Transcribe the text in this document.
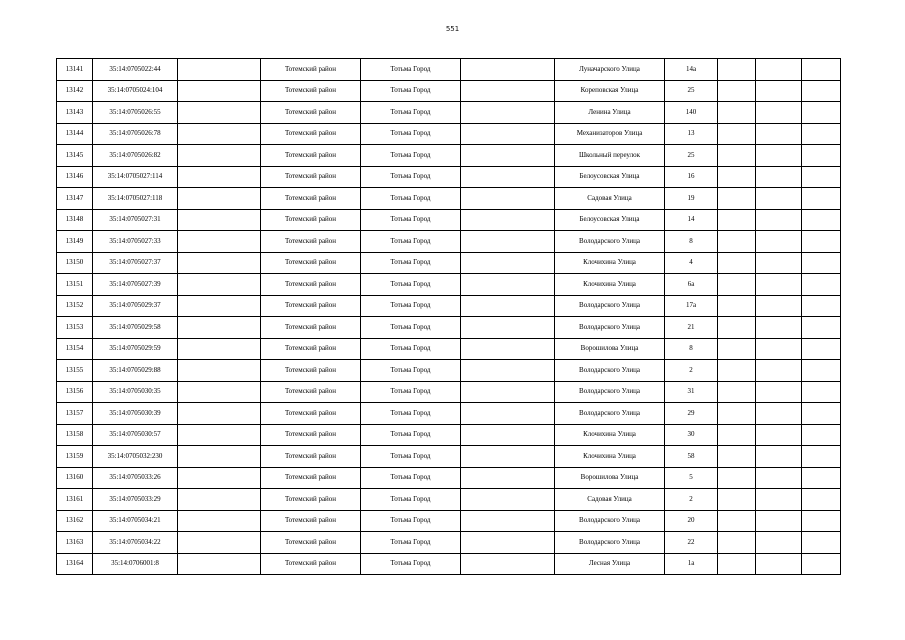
551
13141	35:14:0705022:44		Тотемский район	Тотьма Город		Луначарского Улица	14а			
13142	35:14:0705024:104		Тотемский район	Тотьма Город		Кореповская Улица	25			
13143	35:14:0705026:55		Тотемский район	Тотьма Город		Ленина Улица	140			
13144	35:14:0705026:78		Тотемский район	Тотьма Город		Механизаторов Улица	13			
13145	35:14:0705026:82		Тотемский район	Тотьма Город		Школьный переулок	25			
13146	35:14:0705027:114		Тотемский район	Тотьма Город		Белоусовская Улица	16			
13147	35:14:0705027:118		Тотемский район	Тотьма Город		Садовая Улица	19			
13148	35:14:0705027:31		Тотемский район	Тотьма Город		Белоусовская Улица	14			
13149	35:14:0705027:33		Тотемский район	Тотьма Город		Володарского Улица	8			
13150	35:14:0705027:37		Тотемский район	Тотьма Город		Клочихина Улица	4			
13151	35:14:0705027:39		Тотемский район	Тотьма Город		Клочихина Улица	6а			
13152	35:14:0705029:37		Тотемский район	Тотьма Город		Володарского Улица	17а			
13153	35:14:0705029:58		Тотемский район	Тотьма Город		Володарского Улица	21			
13154	35:14:0705029:59		Тотемский район	Тотьма Город		Ворошилова Улица	8			
13155	35:14:0705029:88		Тотемский район	Тотьма Город		Володарского Улица	2			
13156	35:14:0705030:35		Тотемский район	Тотьма Город		Володарского Улица	31			
13157	35:14:0705030:39		Тотемский район	Тотьма Город		Володарского Улица	29			
13158	35:14:0705030:57		Тотемский район	Тотьма Город		Клочихина Улица	30			
13159	35:14:0705032:230		Тотемский район	Тотьма Город		Клочихина Улица	58			
13160	35:14:0705033:26		Тотемский район	Тотьма Город		Ворошилова Улица	5			
13161	35:14:0705033:29		Тотемский район	Тотьма Город		Садовая Улица	2			
13162	35:14:0705034:21		Тотемский район	Тотьма Город		Володарского Улица	20			
13163	35:14:0705034:22		Тотемский район	Тотьма Город		Володарского Улица	22			
13164	35:14:0706001:8		Тотемский район	Тотьма Город		Лесная Улица	1а			
